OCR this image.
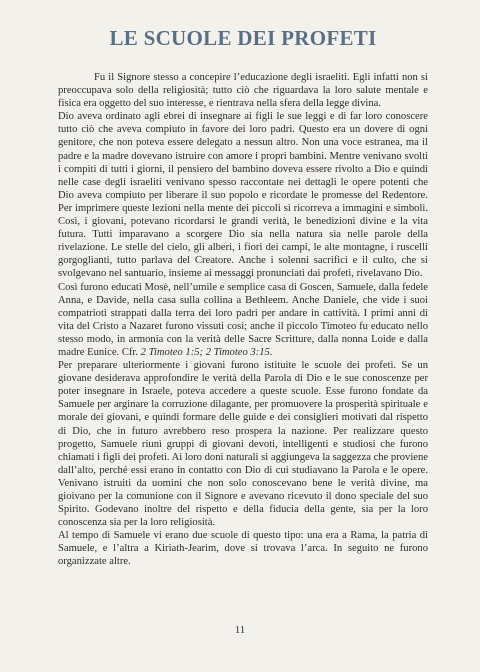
LE SCUOLE DEI PROFETI

Fu il Signore stesso a concepire l’educazione degli israeliti. Egli infatti non si preoccupava solo della religiosità; tutto ciò che riguardava la loro salute mentale e fisica era oggetto del suo interesse, e rientrava nella sfera della legge divina.

Dio aveva ordinato agli ebrei di insegnare ai figli le sue leggi e di far loro conoscere tutto ciò che aveva compiuto in favore dei loro padri. Questo era un dovere di ogni genitore, che non poteva essere delegato a nessun altro. Non una voce estranea, ma il padre e la madre dovevano istruire con amore i propri bambini. Mentre venivano svolti i compiti di tutti i giorni, il pensiero del bambino doveva essere rivolto a Dio e quindi nelle case degli israeliti venivano spesso raccontate nei dettagli le opere potenti che Dio aveva compiuto per liberare il suo popolo e ricordate le promesse del Redentore. Per imprimere queste lezioni nella mente dei piccoli si ricorreva a immagini e simboli. Così, i giovani, potevano ricordarsi le grandi verità, le benedizioni divine e la vita futura. Tutti imparavano a scorgere Dio sia nella natura sia nelle parole della rivelazione. Le stelle del cielo, gli alberi, i fiori dei campi, le alte montagne, i ruscelli gorgoglianti, tutto parlava del Creatore. Anche i solenni sacrifici e il culto, che si svolgevano nel santuario, insieme ai messaggi pronunciati dai profeti, rivelavano Dio.

Così furono educati Mosè, nell’umile e semplice casa di Goscen, Samuele, dalla fedele Anna, e Davide, nella casa sulla collina a Bethleem. Anche Daniele, che vide i suoi compatrioti strappati dalla terra dei loro padri per andare in cattività. I primi anni di vita del Cristo a Nazaret furono vissuti così; anche il piccolo Timoteo fu educato nello stesso modo, in armonia con la verità delle Sacre Scritture, dalla nonna Loide e dalla madre Eunice. Cfr. 2 Timoteo 1:5; 2 Timoteo 3:15.

Per preparare ulteriormente i giovani furono istituite le scuole dei profeti. Se un giovane desiderava approfondire le verità della Parola di Dio e le sue conoscenze per poter insegnare in Israele, poteva accedere a queste scuole. Esse furono fondate da Samuele per arginare la corruzione dilagante, per promuovere la prosperità spirituale e morale dei giovani, e quindi formare delle guide e dei consiglieri motivati dal rispetto di Dio, che in futuro avrebbero reso prospera la nazione. Per realizzare questo progetto, Samuele riunì gruppi di giovani devoti, intelligenti e studiosi che furono chiamati i figli dei profeti. Ai loro doni naturali si aggiungeva la saggezza che proviene dall’alto, perché essi erano in contatto con Dio di cui studiavano la Parola e le opere. Venivano istruiti da uomini che non solo conoscevano bene le verità divine, ma gioivano per la comunione con il Signore e avevano ricevuto il dono speciale del suo Spirito. Godevano inoltre del rispetto e della fiducia della gente, sia per la loro conoscenza sia per la loro religiosità.

Al tempo di Samuele vi erano due scuole di questo tipo: una era a Rama, la patria di Samuele, e l’altra a Kiriath-Jearim, dove si trovava l’arca. In seguito ne furono organizzate altre.

11
